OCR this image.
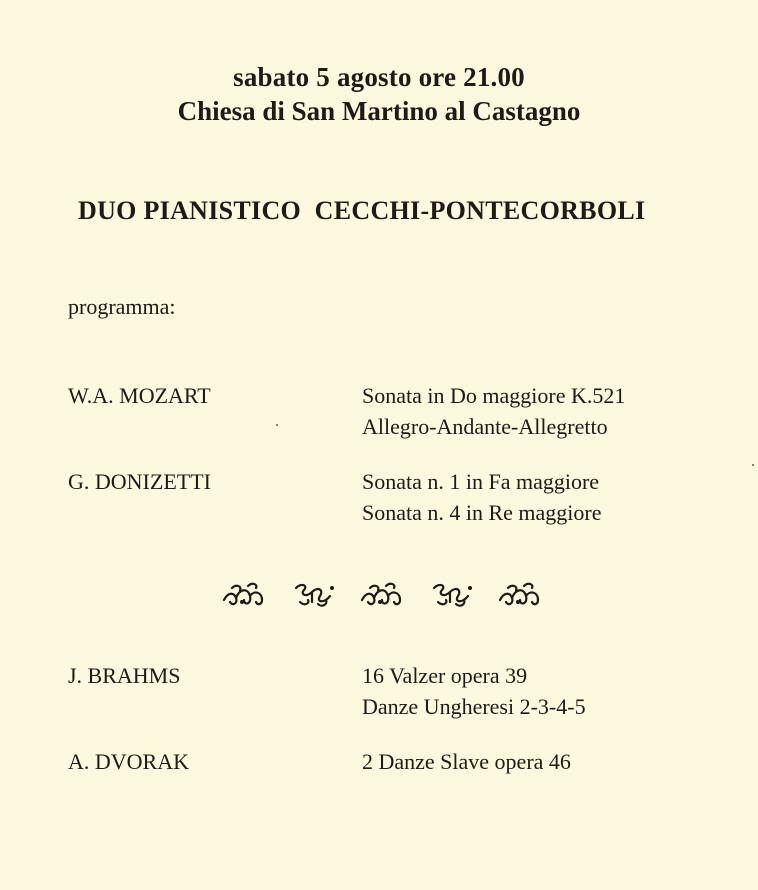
sabato 5 agosto ore 21.00
Chiesa di San Martino al Castagno
DUO PIANISTICO  CECCHI-PONTECORBOLI
programma:
W.A. MOZART	Sonata in Do maggiore K.521
Allegro-Andante-Allegretto
G. DONIZETTI	Sonata n. 1 in Fa maggiore
Sonata n. 4 in Re maggiore
J. BRAHMS	16 Valzer opera 39
Danze Ungheresi 2-3-4-5
A. DVORAK	2 Danze Slave opera 46
